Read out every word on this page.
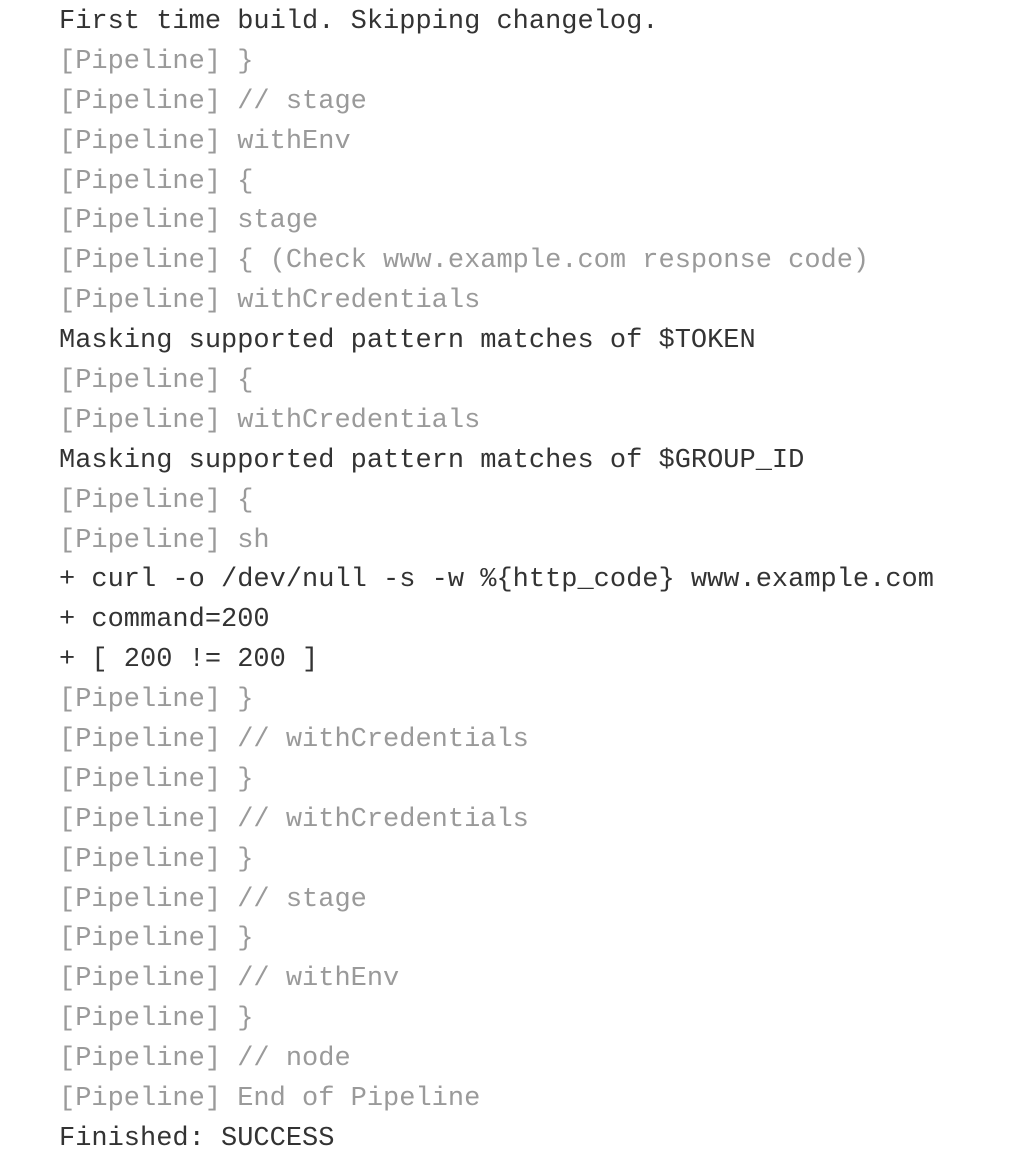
First time build. Skipping changelog.
[Pipeline] }
[Pipeline] // stage
[Pipeline] withEnv
[Pipeline] {
[Pipeline] stage
[Pipeline] { (Check www.example.com response code)
[Pipeline] withCredentials
Masking supported pattern matches of $TOKEN
[Pipeline] {
[Pipeline] withCredentials
Masking supported pattern matches of $GROUP_ID
[Pipeline] {
[Pipeline] sh
+ curl -o /dev/null -s -w %{http_code} www.example.com
+ command=200
+ [ 200 != 200 ]
[Pipeline] }
[Pipeline] // withCredentials
[Pipeline] }
[Pipeline] // withCredentials
[Pipeline] }
[Pipeline] // stage
[Pipeline] }
[Pipeline] // withEnv
[Pipeline] }
[Pipeline] // node
[Pipeline] End of Pipeline
Finished: SUCCESS
